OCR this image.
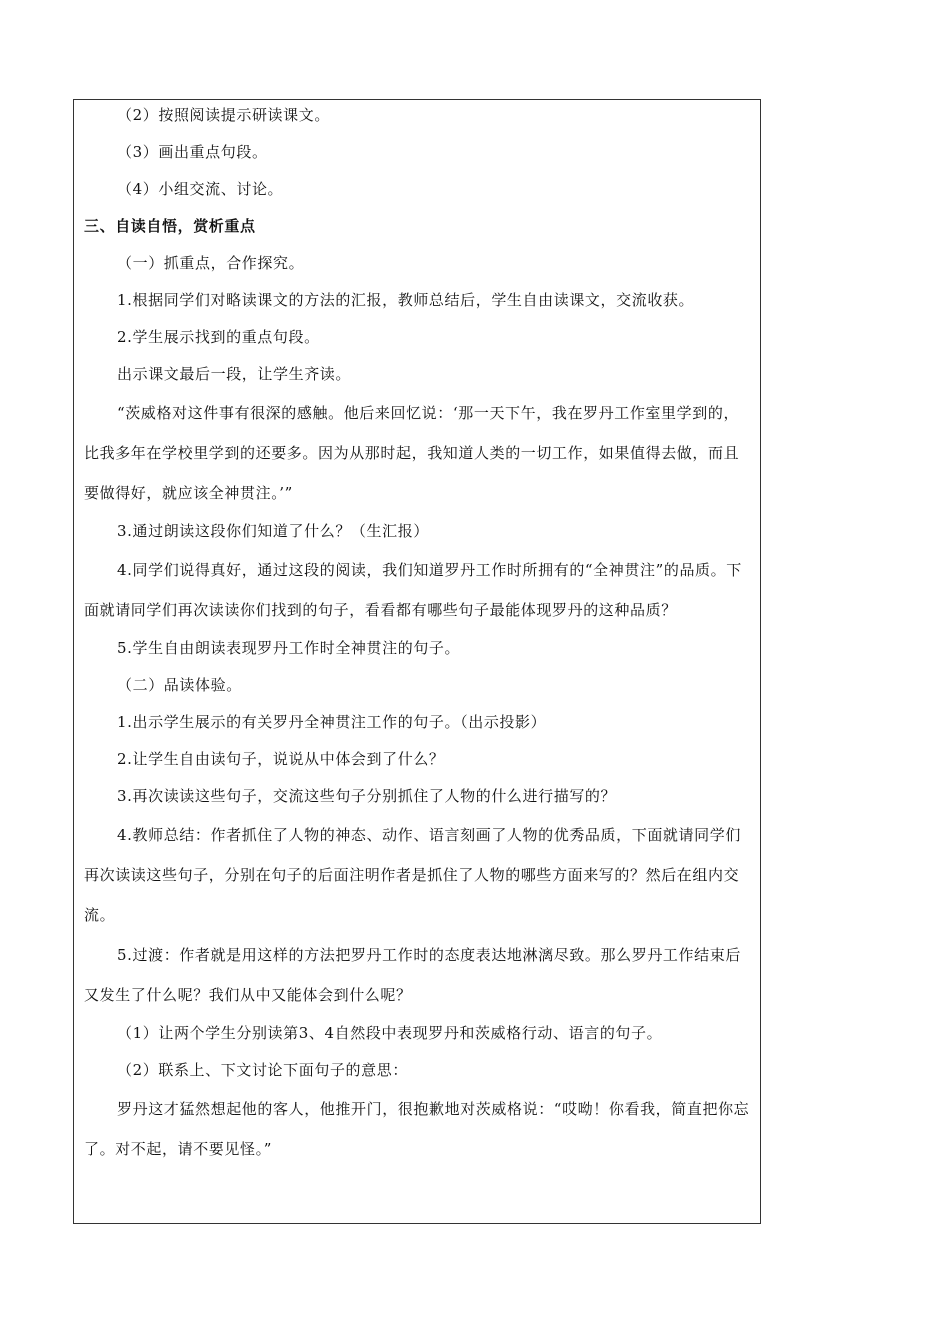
（2）按照阅读提示研读课文。
（3）画出重点句段。
（4）小组交流、讨论。
三、自读自悟，赏析重点
（一）抓重点，合作探究。
1.根据同学们对略读课文的方法的汇报，教师总结后，学生自由读课文，交流收获。
2.学生展示找到的重点句段。
出示课文最后一段，让学生齐读。
“茨威格对这件事有很深的感触。他后来回忆说：‘那一天下午，我在罗丹工作室里学到的，比我多年在学校里学到的还要多。因为从那时起，我知道人类的一切工作，如果值得去做，而且要做得好，就应该全神贯注。’”
3.通过朗读这段你们知道了什么？（生汇报）
4.同学们说得真好，通过这段的阅读，我们知道罗丹工作时所拥有的“全神贯注”的品质。下面就请同学们再次读读你们找到的句子，看看都有哪些句子最能体现罗丹的这种品质？
5.学生自由朗读表现罗丹工作时全神贯注的句子。
（二）品读体验。
1.出示学生展示的有关罗丹全神贯注工作的句子。（出示投影）
2.让学生自由读句子，说说从中体会到了什么？
3.再次读读这些句子，交流这些句子分别抓住了人物的什么进行描写的？
4.教师总结：作者抓住了人物的神态、动作、语言刻画了人物的优秀品质，下面就请同学们再次读读这些句子，分别在句子的后面注明作者是抓住了人物的哪些方面来写的？然后在组内交流。
5.过渡：作者就是用这样的方法把罗丹工作时的态度表达地淋漓尽致。那么罗丹工作结束后又发生了什么呢？我们从中又能体会到什么呢？
（1）让两个学生分别读第3、4自然段中表现罗丹和茨威格行动、语言的句子。
（2）联系上、下文讨论下面句子的意思：
罗丹这才猛然想起他的客人，他推开门，很抱歉地对茨威格说：“哎呦！你看我，简直把你忘了。对不起，请不要见怪。”
